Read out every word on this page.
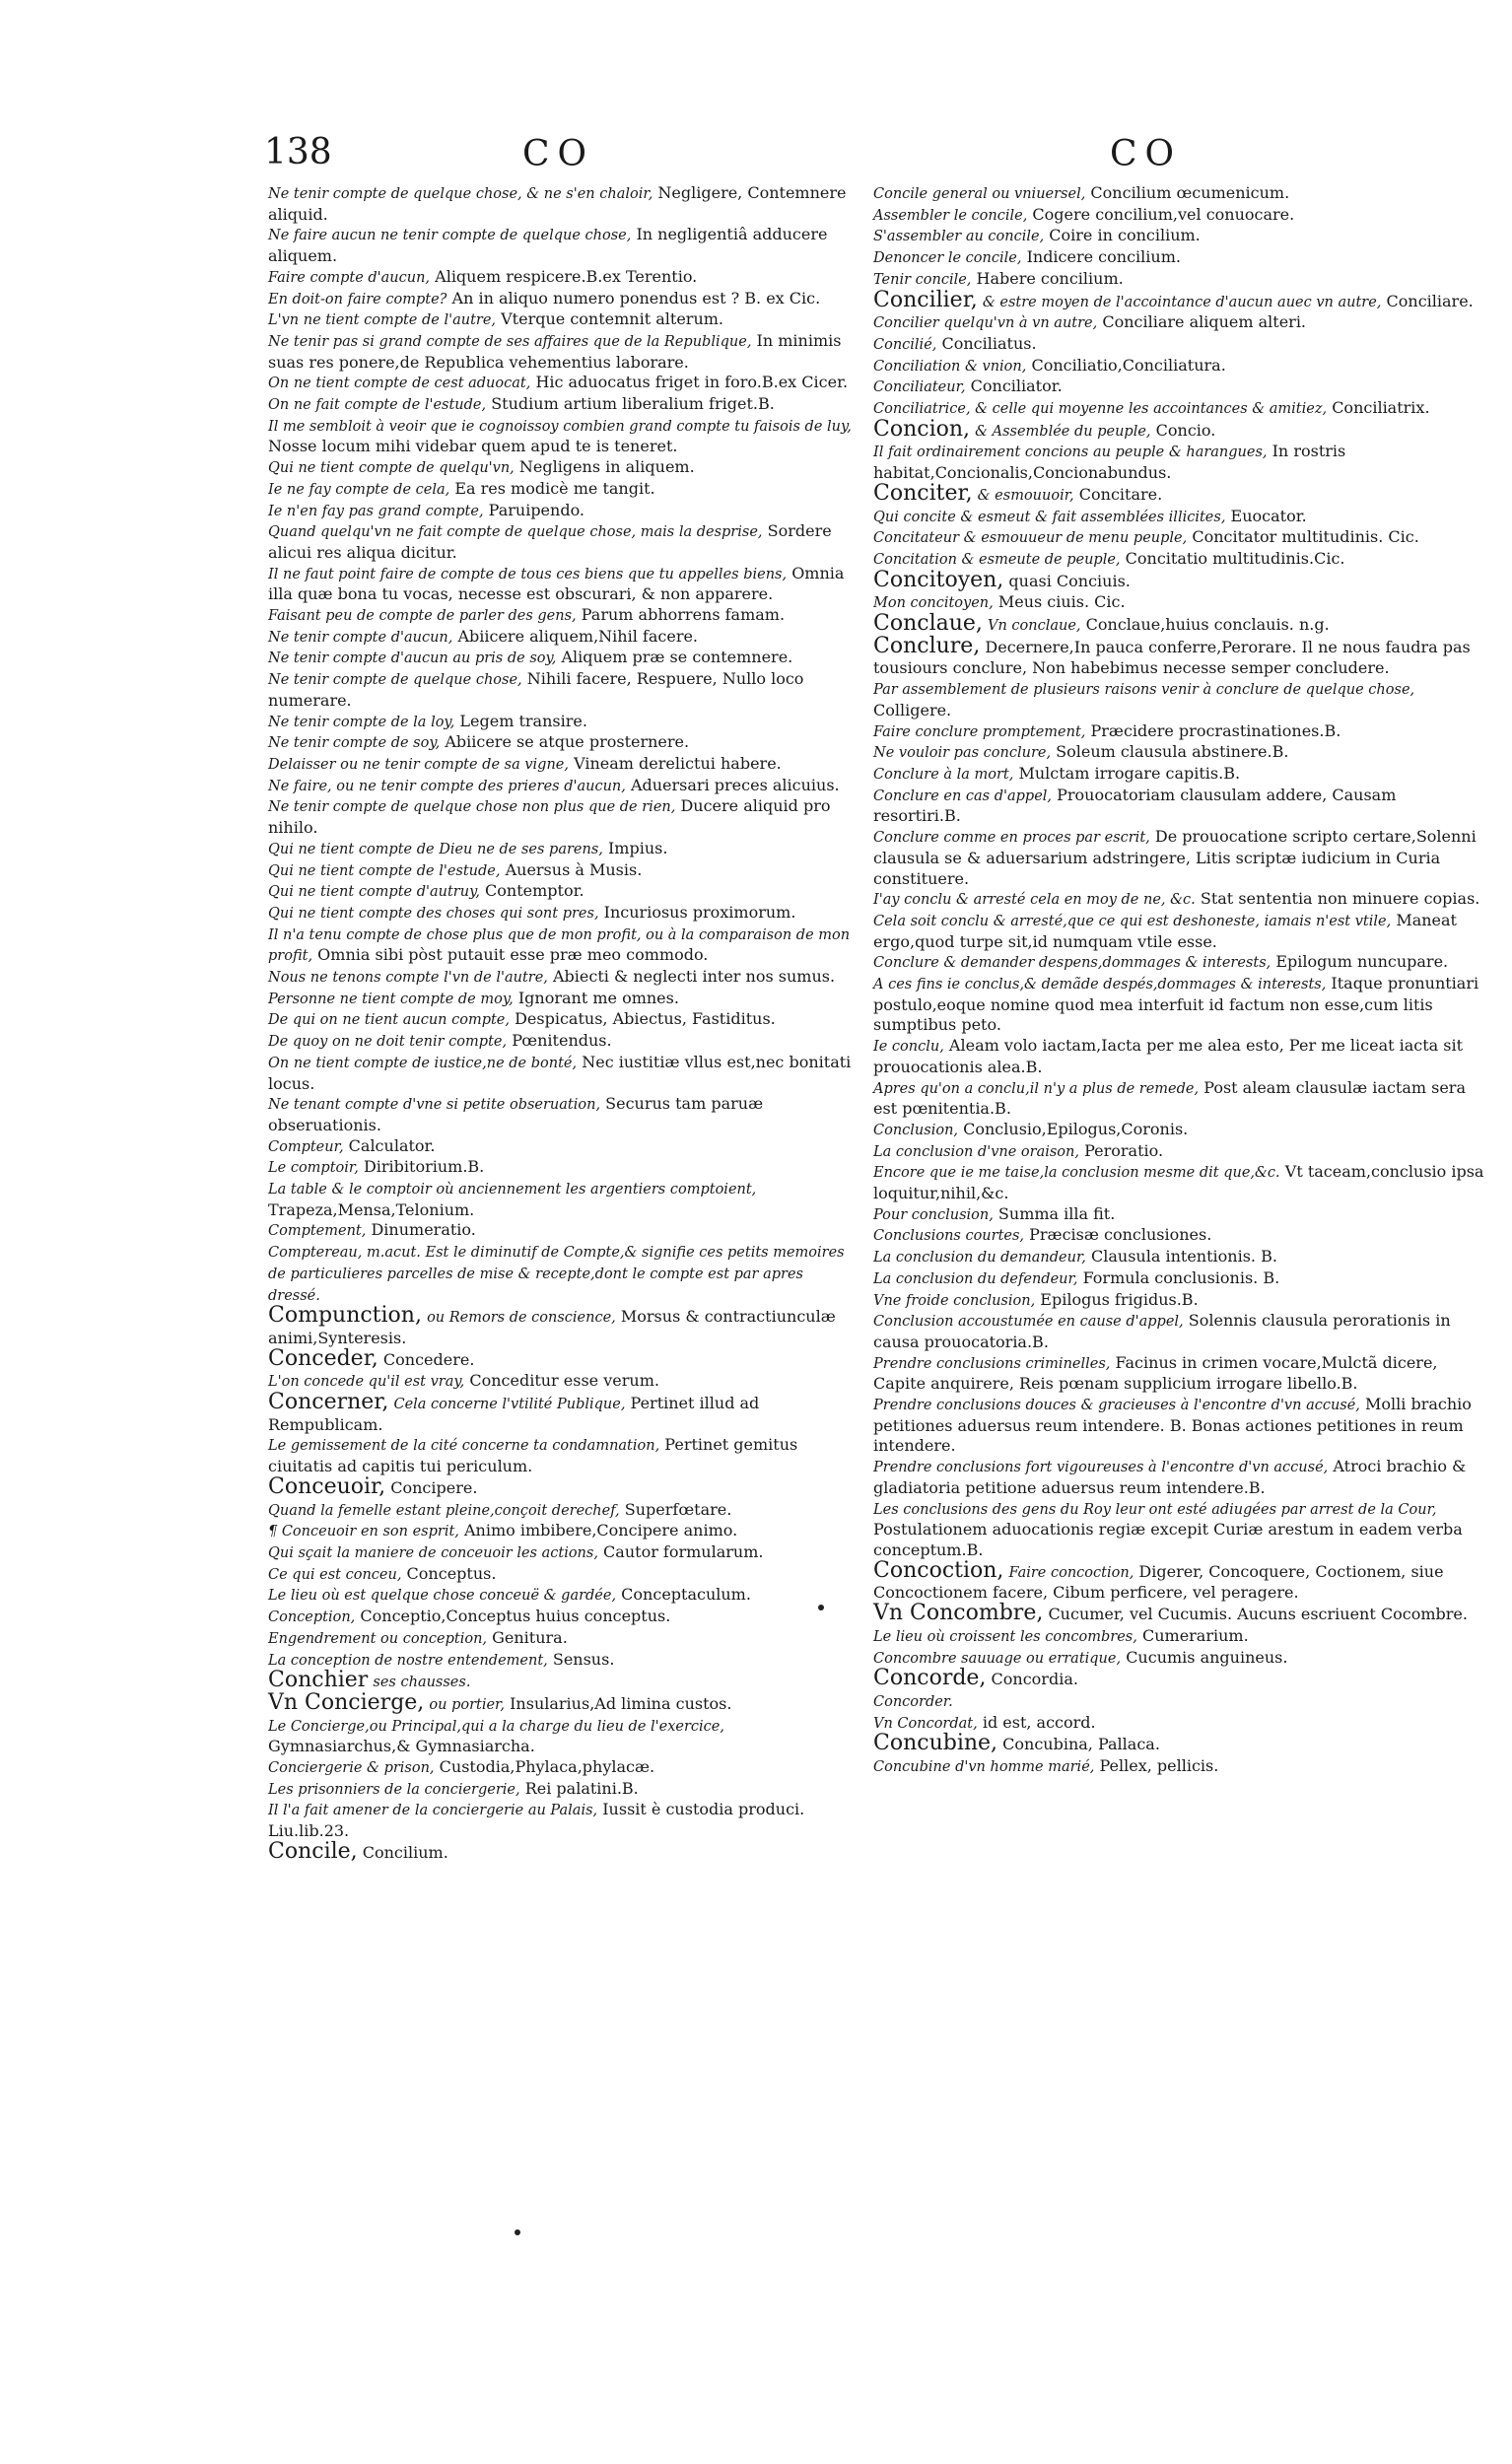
138	CO	CO

Ne tenir compte de quelque chose, & ne s'en chaloir, Negligere, Contemnere aliquid.

Ne faire aucun ne tenir compte de quelque chose, In negligentiâ adducere aliquem.

Faire compte d'aucun, Aliquem respicere.B.ex Terentio.

En doit-on faire compte? An in aliquo numero ponendus est ? B. ex Cic.

L'vn ne tient compte de l'autre, Vterque contemnit alterum.

Ne tenir pas si grand compte de ses affaires que de la Republique, In minimis suas res ponere,de Republica vehementius laborare.

On ne tient compte de cest aduocat, Hic aduocatus friget in foro.B.ex Cicer.

On ne fait compte de l'estude, Studium artium liberalium friget.B.

Il me sembloit à veoir que ie cognoissoy combien grand compte tu faisois de luy, Nosse locum mihi videbar quem apud te is teneret.

Qui ne tient compte de quelqu'vn, Negligens in aliquem.

Ie ne fay compte de cela, Ea res modicè me tangit.

Ie n'en fay pas grand compte, Paruipendo.

Quand quelqu'vn ne fait compte de quelque chose, mais la desprise, Sordere alicui res aliqua dicitur.

Il ne faut point faire de compte de tous ces biens que tu appelles biens, Omnia illa quæ bona tu vocas, necesse est obscurari, & non apparere.

Faisant peu de compte de parler des gens, Parum abhorrens famam.

Ne tenir compte d'aucun, Abiicere aliquem,Nihil facere.

Ne tenir compte d'aucun au pris de soy, Aliquem præ se contemnere.

Ne tenir compte de quelque chose, Nihili facere, Respuere, Nullo loco numerare.

Ne tenir compte de la loy, Legem transire.

Ne tenir compte de soy, Abiicere se atque prosternere.

Delaisser ou ne tenir compte de sa vigne, Vineam derelictui habere.

Ne faire, ou ne tenir compte des prieres d'aucun, Aduersari preces alicuius.

Ne tenir compte de quelque chose non plus que de rien, Ducere aliquid pro nihilo.

Qui ne tient compte de Dieu ne de ses parens, Impius.

Qui ne tient compte de l'estude, Auersus à Musis.

Qui ne tient compte d'autruy, Contemptor.

Qui ne tient compte des choses qui sont pres, Incuriosus proximorum.

Il n'a tenu compte de chose plus que de mon profit, ou à la comparaison de mon profit, Omnia sibi pòst putauit esse præ meo commodo.

Nous ne tenons compte l'vn de l'autre, Abiecti & neglecti inter nos sumus.

Personne ne tient compte de moy, Ignorant me omnes.

De qui on ne tient aucun compte, Despicatus, Abiectus, Fastiditus.

De quoy on ne doit tenir compte, Pœnitendus.

On ne tient compte de iustice,ne de bonté, Nec iustitiæ vllus est,nec bonitati locus.

Ne tenant compte d'vne si petite obseruation, Securus tam paruæ obseruationis.

Compteur, Calculator.

Le comptoir, Diribitorium.B.

La table & le comptoir où anciennement les argentiers comptoient, Trapeza,Mensa,Telonium.

Comptement, Dinumeratio.

Comptereau, m.acut. Est le diminutif de Compte,& signifie ces petits memoires de particulieres parcelles de mise & recepte,dont le compte est par apres dressé.

Compunction, ou Remors de conscience, Morsus & contractiunculæ animi,Synteresis.

Conceder, Concedere.

L'on concede qu'il est vray, Conceditur esse verum.

Concerner, Cela concerne l'vtilité Publique, Pertinet illud ad Rempublicam.

Le gemissement de la cité concerne ta condamnation, Pertinet gemitus ciuitatis ad capitis tui periculum.

Conceuoir, Concipere.

Quand la femelle estant pleine,conçoit derechef, Superfœtare.

¶ Conceuoir en son esprit, Animo imbibere,Concipere animo.

Qui sçait la maniere de conceuoir les actions, Cautor formularum.

Ce qui est conceu, Conceptus.

Le lieu où est quelque chose conceuë & gardée, Conceptaculum.

Conception, Conceptio,Conceptus huius conceptus.

Engendrement ou conception, Genitura.

La conception de nostre entendement, Sensus.

Conchier ses chausses.

Vn Concierge, ou portier, Insularius,Ad limina custos.

Le Concierge,ou Principal,qui a la charge du lieu de l'exercice, Gymnasiarchus,& Gymnasiarcha.

Conciergerie & prison, Custodia,Phylaca,phylacæ.

Les prisonniers de la conciergerie, Rei palatini.B.

Il l'a fait amener de la conciergerie au Palais, Iussit è custodia produci. Liu.lib.23.

Concile, Concilium.

Concile general ou vniuersel, Concilium œcumenicum.

Assembler le concile, Cogere concilium,vel conuocare.

S'assembler au concile, Coire in concilium.

Denoncer le concile, Indicere concilium.

Tenir concile, Habere concilium.

Concilier, & estre moyen de l'accointance d'aucun auec vn autre, Conciliare.

Concilier quelqu'vn à vn autre, Conciliare aliquem alteri.

Concilié, Conciliatus.

Conciliation & vnion, Conciliatio,Conciliatura.

Conciliateur, Conciliator.

Conciliatrice, & celle qui moyenne les accointances & amitiez, Conciliatrix.

Concion, & Assemblée du peuple, Concio.

Il fait ordinairement concions au peuple & harangues, In rostris habitat,Concionalis,Concionabundus.

Conciter, & esmouuoir, Concitare.

Qui concite & esmeut & fait assemblées illicites, Euocator.

Concitateur & esmouueur de menu peuple, Concitator multitudinis. Cic.

Concitation & esmeute de peuple, Concitatio multitudinis.Cic.

Concitoyen, quasi Conciuis.

Mon concitoyen, Meus ciuis. Cic.

Conclaue, Vn conclaue, Conclaue,huius conclauis. n.g.

Conclure, Decernere,In pauca conferre,Perorare. Il ne nous faudra pas tousiours conclure, Non habebimus necesse semper concludere.

Par assemblement de plusieurs raisons venir à conclure de quelque chose, Colligere.

Faire conclure promptement, Præcidere procrastinationes.B.

Ne vouloir pas conclure, Soleum clausula abstinere.B.

Conclure à la mort, Mulctam irrogare capitis.B.

Conclure en cas d'appel, Prouocatoriam clausulam addere, Causam resortiri.B.

Conclure comme en proces par escrit, De prouocatione scripto certare,Solenni clausula se & aduersarium adstringere, Litis scriptæ iudicium in Curia constituere.

I'ay conclu & arresté cela en moy de ne, &c. Stat sententia non minuere copias.

Cela soit conclu & arresté,que ce qui est deshoneste, iamais n'est vtile, Maneat ergo,quod turpe sit,id numquam vtile esse.

Conclure & demander despens,dommages & interests, Epilogum nuncupare.

A ces fins ie conclus,& demãde despés,dommages & interests, Itaque pronuntiari postulo,eoque nomine quod mea interfuit id factum non esse,cum litis sumptibus peto.

Ie conclu, Aleam volo iactam,Iacta per me alea esto, Per me liceat iacta sit prouocationis alea.B.

Apres qu'on a conclu,il n'y a plus de remede, Post aleam clausulæ iactam sera est pœnitentia.B.

Conclusion, Conclusio,Epilogus,Coronis.

La conclusion d'vne oraison, Peroratio.

Encore que ie me taise,la conclusion mesme dit que,&c. Vt taceam,conclusio ipsa loquitur,nihil,&c.

Pour conclusion, Summa illa fit.

Conclusions courtes, Præcisæ conclusiones.

La conclusion du demandeur, Clausula intentionis. B.

La conclusion du defendeur, Formula conclusionis. B.

Vne froide conclusion, Epilogus frigidus.B.

Conclusion accoustumée en cause d'appel, Solennis clausula perorationis in causa prouocatoria.B.

Prendre conclusions criminelles, Facinus in crimen vocare,Mulctã dicere, Capite anquirere, Reis pœnam supplicium irrogare libello.B.

Prendre conclusions douces & gracieuses à l'encontre d'vn accusé, Molli brachio petitiones aduersus reum intendere. B. Bonas actiones petitiones in reum intendere.

Prendre conclusions fort vigoureuses à l'encontre d'vn accusé, Atroci brachio & gladiatoria petitione aduersus reum intendere.B.

Les conclusions des gens du Roy leur ont esté adiugées par arrest de la Cour, Postulationem aduocationis regiæ excepit Curiæ arestum in eadem verba conceptum.B.

Concoction, Faire concoction, Digerer, Concoquere, Coctionem, siue Concoctionem facere, Cibum perficere, vel peragere.

Vn Concombre, Cucumer, vel Cucumis. Aucuns escriuent Cocombre.

Le lieu où croissent les concombres, Cumerarium.

Concombre sauuage ou erratique, Cucumis anguineus.

Concorde, Concordia.

Concorder.

Vn Concordat, id est, accord.

Concubine, Concubina, Pallaca.

Concubine d'vn homme marié, Pellex, pellicis.
